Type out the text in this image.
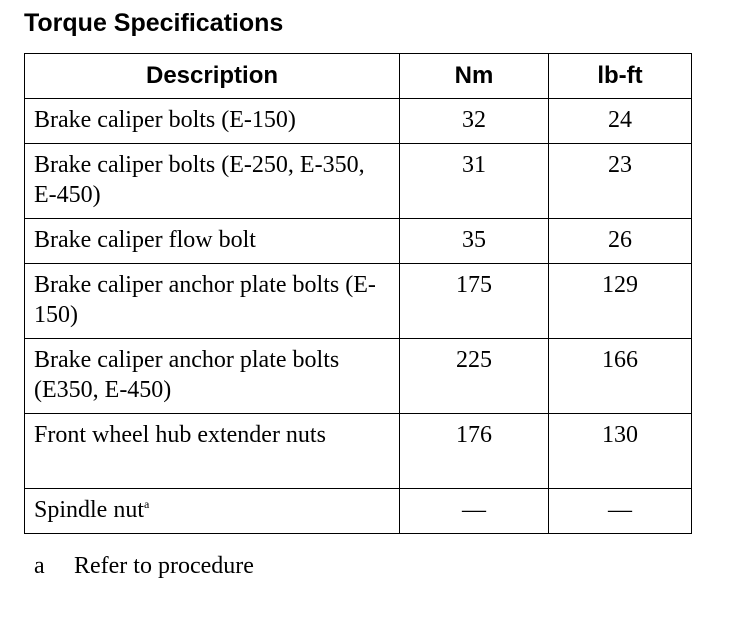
Torque Specifications
Description	Nm	lb-ft
Brake caliper bolts (E-150)	32	24
Brake caliper bolts (E-250, E-350, E-450)	31	23
Brake caliper flow bolt	35	26
Brake caliper anchor plate bolts (E-150)	175	129
Brake caliper anchor plate bolts (E350, E-450)	225	166
Front wheel hub extender nuts	176	130
Spindle nut$^a$	—	—
a Refer to procedure
